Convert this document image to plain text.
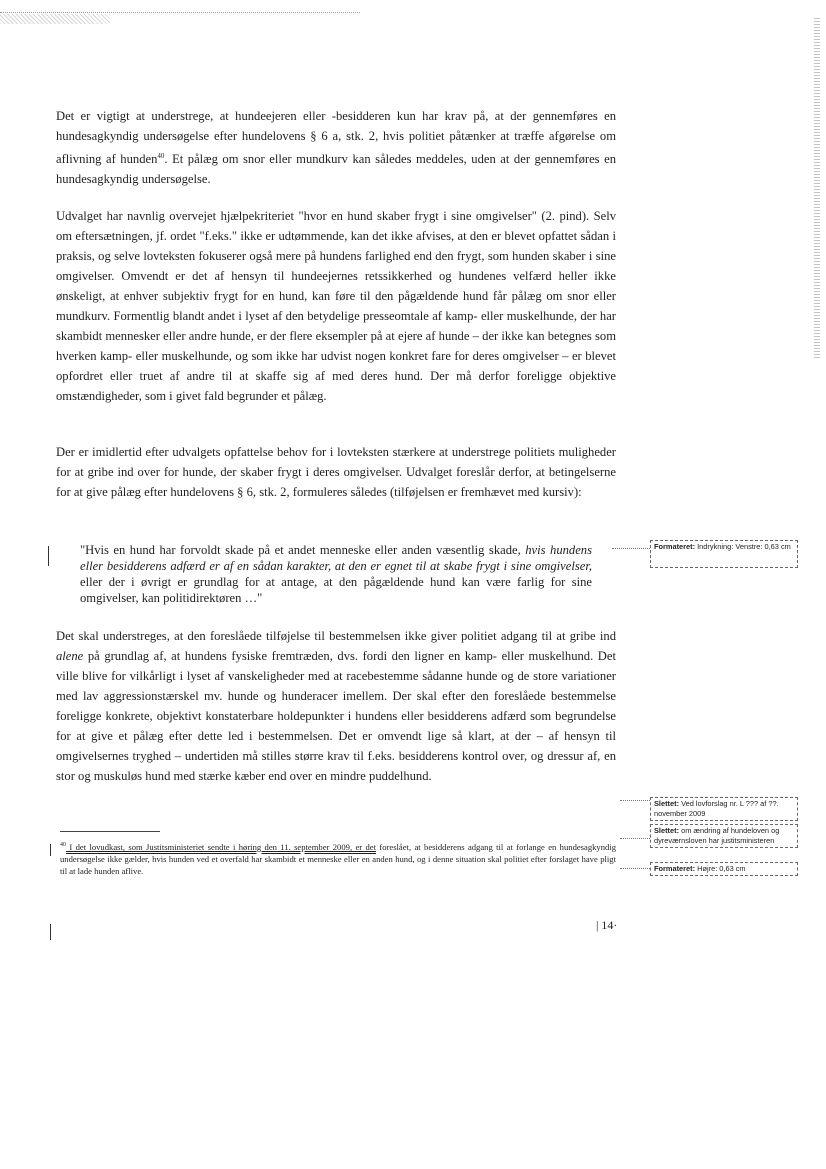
Det er vigtigt at understrege, at hundeejeren eller -besidderen kun har krav på, at der gennemføres en hundesagkyndig undersøgelse efter hundelovens § 6 a, stk. 2, hvis politiet påtænker at træffe afgørelse om aflivning af hunden$^{40}$. Et pålæg om snor eller mundkurv kan således meddeles, uden at der gennemføres en hundesagkyndig undersøgelse.

Udvalget har navnlig overvejet hjælpekriteriet "hvor en hund skaber frygt i sine omgivelser" (2. pind). Selv om eftersætningen, jf. ordet "f.eks." ikke er udtømmende, kan det ikke afvises, at den er blevet opfattet sådan i praksis, og selve lovteksten fokuserer også mere på hundens farlighed end den frygt, som hunden skaber i sine omgivelser. Omvendt er det af hensyn til hundeejernes retssikkerhed og hundenes velfærd heller ikke ønskeligt, at enhver subjektiv frygt for en hund, kan føre til den pågældende hund får pålæg om snor eller mundkurv. Formentlig blandt andet i lyset af den betydelige presseomtale af kamp- eller muskelhunde, der har skambidt mennesker eller andre hunde, er der flere eksempler på at ejere af hunde – der ikke kan betegnes som hverken kamp- eller muskelhunde, og som ikke har udvist nogen konkret fare for deres omgivelser – er blevet opfordret eller truet af andre til at skaffe sig af med deres hund. Der må derfor foreligge objektive omstændigheder, som i givet fald begrunder et pålæg.

Der er imidlertid efter udvalgets opfattelse behov for i lovteksten stærkere at understrege politiets muligheder for at gribe ind over for hunde, der skaber frygt i deres omgivelser. Udvalget foreslår derfor, at betingelserne for at give pålæg efter hundelovens § 6, stk. 2, formuleres således (tilføjelsen er fremhævet med kursiv):

"Hvis en hund har forvoldt skade på et andet menneske eller anden væsentlig skade, hvis hundens eller besidderens adfærd er af en sådan karakter, at den er egnet til at skabe frygt i sine omgivelser, eller der i øvrigt er grundlag for at antage, at den pågældende hund kan være farlig for sine omgivelser, kan politidirektøren …"

Det skal understreges, at den foreslåede tilføjelse til bestemmelsen ikke giver politiet adgang til at gribe ind alene på grundlag af, at hundens fysiske fremtræden, dvs. fordi den ligner en kamp- eller muskelhund. Det ville blive for vilkårligt i lyset af vanskeligheder med at racebestemme sådanne hunde og de store variationer med lav aggressionstærskel mv. hunde og hunderacer imellem. Der skal efter den foreslåede bestemmelse foreligge konkrete, objektivt konstaterbare holdepunkter i hundens eller besidderens adfærd som begrundelse for at give et pålæg efter dette led i bestemmelsen. Det er omvendt lige så klart, at der – af hensyn til omgivelsernes tryghed – undertiden må stilles større krav til f.eks. besidderens kontrol over, og dressur af, en stor og muskuløs hund med stærke kæber end over en mindre puddelhund.

$^{40}$ I det lovudkast, som Justitsministeriet sendte i høring den 11. september 2009, er det foreslået, at besidderens adgang til at forlange en hundesagkyndig undersøgelse ikke gælder, hvis hunden ved et overfald har skambidt et menneske eller en anden hund, og i denne situation skal politiet efter forslaget have pligt til at lade hunden aflive.

| 14·
Formateret: Indrykning: Venstre: 0,63 cm
Slettet: Ved lovforslag nr. L ??? af ??. november 2009
Slettet: om ændring af hundeloven og dyreværnsloven har justitsministeren
Formateret: Højre: 0,63 cm
